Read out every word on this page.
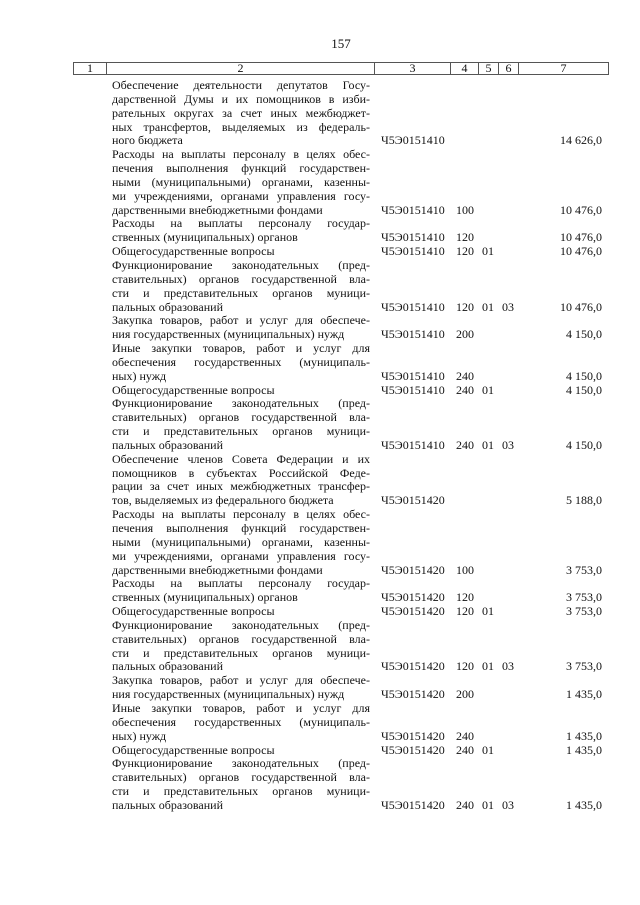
157
1	2	3	4	5	6	7
Обеспечение деятельности депутатов Госу-
дарственной Думы и их помощников в изби-
рательных округах за счет иных межбюджет-
ных трансфертов, выделяемых из федераль-
ного бюджета	Ч5Э0151410	14 626,0
Расходы на выплаты персоналу в целях обес-
печения выполнения функций государствен-
ными (муниципальными) органами, казенны-
ми учреждениями, органами управления госу-
дарственными внебюджетными фондами	Ч5Э0151410 100	10 476,0
Расходы на выплаты персоналу государ-
ственных (муниципальных) органов	Ч5Э0151410 120	10 476,0
Общегосударственные вопросы	Ч5Э0151410 120 01	10 476,0
Функционирование законодательных (пред-
ставительных) органов государственной вла-
сти и представительных органов муници-
пальных образований	Ч5Э0151410 120 01 03	10 476,0
Закупка товаров, работ и услуг для обеспече-
ния государственных (муниципальных) нужд	Ч5Э0151410 200	4 150,0
Иные закупки товаров, работ и услуг для
обеспечения государственных (муниципаль-
ных) нужд	Ч5Э0151410 240	4 150,0
Общегосударственные вопросы	Ч5Э0151410 240 01	4 150,0
Функционирование законодательных (пред-
ставительных) органов государственной вла-
сти и представительных органов муници-
пальных образований	Ч5Э0151410 240 01 03	4 150,0
Обеспечение членов Совета Федерации и их
помощников в субъектах Российской Феде-
рации за счет иных межбюджетных трансфер-
тов, выделяемых из федерального бюджета	Ч5Э0151420	5 188,0
Расходы на выплаты персоналу в целях обес-
печения выполнения функций государствен-
ными (муниципальными) органами, казенны-
ми учреждениями, органами управления госу-
дарственными внебюджетными фондами	Ч5Э0151420 100	3 753,0
Расходы на выплаты персоналу государ-
ственных (муниципальных) органов	Ч5Э0151420 120	3 753,0
Общегосударственные вопросы	Ч5Э0151420 120 01	3 753,0
Функционирование законодательных (пред-
ставительных) органов государственной вла-
сти и представительных органов муници-
пальных образований	Ч5Э0151420 120 01 03	3 753,0
Закупка товаров, работ и услуг для обеспече-
ния государственных (муниципальных) нужд	Ч5Э0151420 200	1 435,0
Иные закупки товаров, работ и услуг для
обеспечения государственных (муниципаль-
ных) нужд	Ч5Э0151420 240	1 435,0
Общегосударственные вопросы	Ч5Э0151420 240 01	1 435,0
Функционирование законодательных (пред-
ставительных) органов государственной вла-
сти и представительных органов муници-
пальных образований	Ч5Э0151420 240 01 03	1 435,0
